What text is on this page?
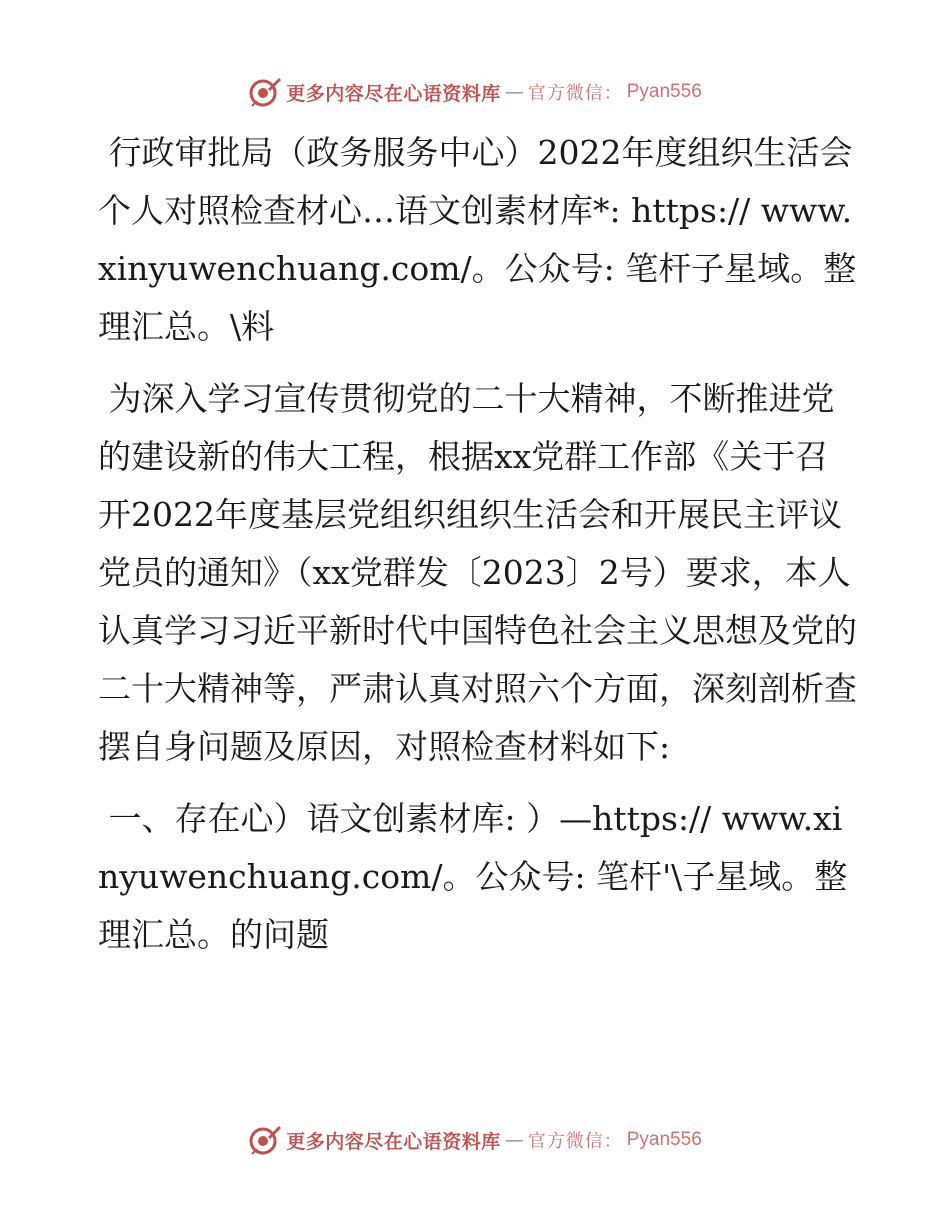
更多内容尽在心语资料库 — 官方微信： Pyan556

行政审批局（政务服务中心）2022年度组织生活会个人对照检查材心…语文创素材库*: https:// www.xinyuwenchuang.com/。公众号: 笔杆子星域。整理汇总。\料

为深入学习宣传贯彻党的二十大精神，不断推进党的建设新的伟大工程，根据xx党群工作部《关于召开2022年度基层党组织组织生活会和开展民主评议党员的通知》（xx党群发〔2023〕2号）要求，本人认真学习习近平新时代中国特色社会主义思想及党的二十大精神等，严肃认真对照六个方面，深刻剖析查摆自身问题及原因，对照检查材料如下:

一、存在心）语文创素材库: ）—https:// www.xinyuwenchuang.com/。公众号: 笔杆'\子星域。整理汇总。的问题

更多内容尽在心语资料库 — 官方微信： Pyan556
